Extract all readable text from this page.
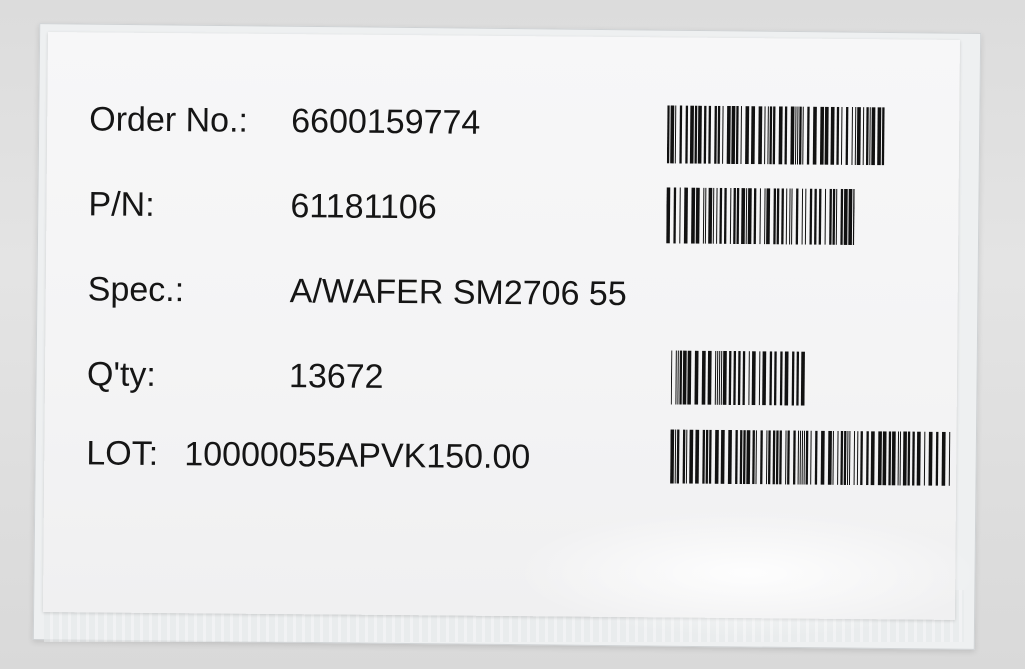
Order No.: 6600159774
P/N:	61181106
Spec.:	A/WAFER SM2706 55
Q'ty:	13672
LOT: 10000055APVK150.00
